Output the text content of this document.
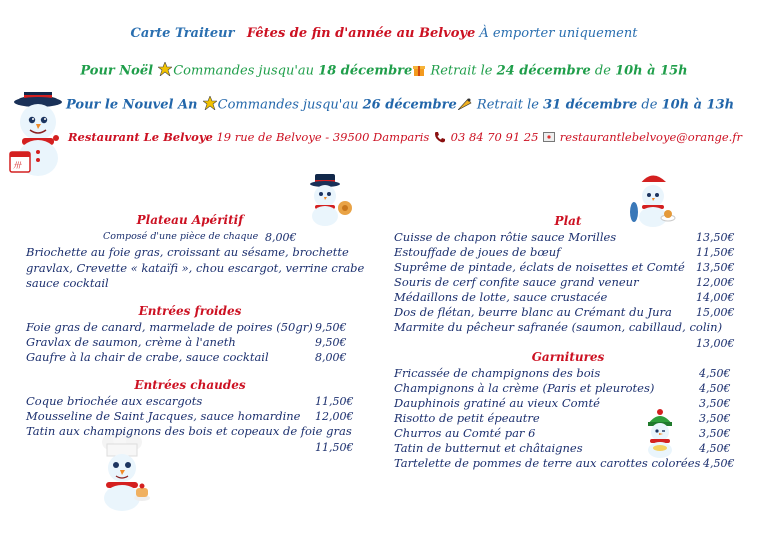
Carte Traiteur Fêtes de fin d'année au Belvoye À emporter uniquement
Pour Noël Commandes jusqu'au 18 décembre Retrait le 24 décembre de 10h à 15h
Pour le Nouvel An Commandes jusqu'au 26 décembre Retrait le 31 décembre de 10h à 13h
Restaurant Le Belvoye 19 rue de Belvoye - 39500 Damparis 03 84 70 91 25 restaurantlebelvoye@orange.fr
卅
Plateau Apéritif
Composé d'une pièce de chaque 8,00€
Briochette au foie gras, croissant au sésame, brochette
gravlax, Crevette « kataïfi », chou escargot, verrine crabe
sauce cocktail
Entrées froides
Foie gras de canard, marmelade de poires (50gr) 9,50€
Gravlax de saumon, crème à l'aneth	9,50€
Gaufre à la chair de crabe, sauce cocktail	8,00€
Entrées chaudes
Coque briochée aux escargots	11,50€
Mousseline de Saint Jacques, sauce homardine 12,00€
Tatin aux champignons des bois et copeaux de foie gras
11,50€
Plat
Cuisse de chapon rôtie sauce Morilles	13,50€
Estouffade de joues de bœuf	11,50€
Suprême de pintade, éclats de noisettes et Comté 13,50€
Souris de cerf confite sauce grand veneur	12,00€
Médaillons de lotte, sauce crustacée	14,00€
Dos de flétan, beurre blanc au Crémant du Jura 15,00€
Marmite du pêcheur safranée (saumon, cabillaud, colin)
13,00€
Garnitures
Fricassée de champignons des bois	4,50€
Champignons à la crème (Paris et pleurotes)	4,50€
Dauphinois gratiné au vieux Comté	3,50€
Risotto de petit épeautre	3,50€
Churros au Comté par 6	3,50€
Tatin de butternut et châtaignes	4,50€
Tartelette de pommes de terre aux carottes colorées 4,50€
